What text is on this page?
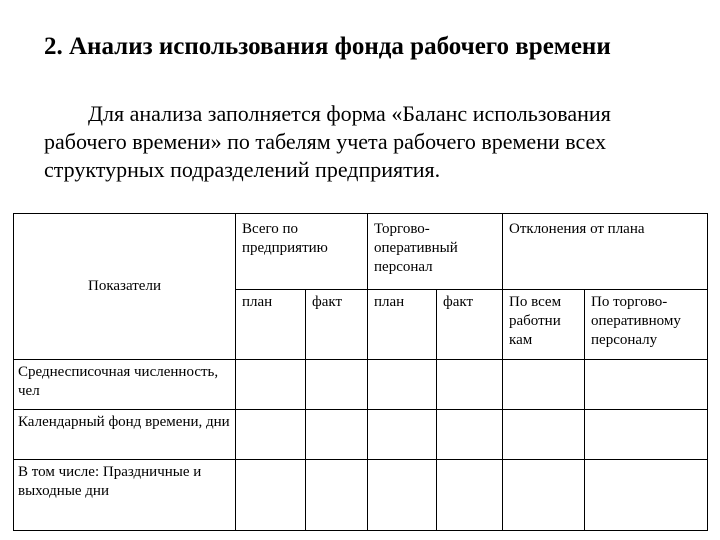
2. Анализ использования фонда рабочего времени
Для анализа заполняется форма «Баланс использования рабочего времени» по табелям учета рабочего времени всех структурных подразделений предприятия.
Показатели	Всего по предприятию		Торгово-оперативный персонал		Отклонения от плана	
	план	факт	план	факт	По всем работни кам	По торгово-оперативному персоналу
Среднесписочная численность, чел						
Календарный фонд времени, дни						
В том числе: Праздничные и выходные дни						
